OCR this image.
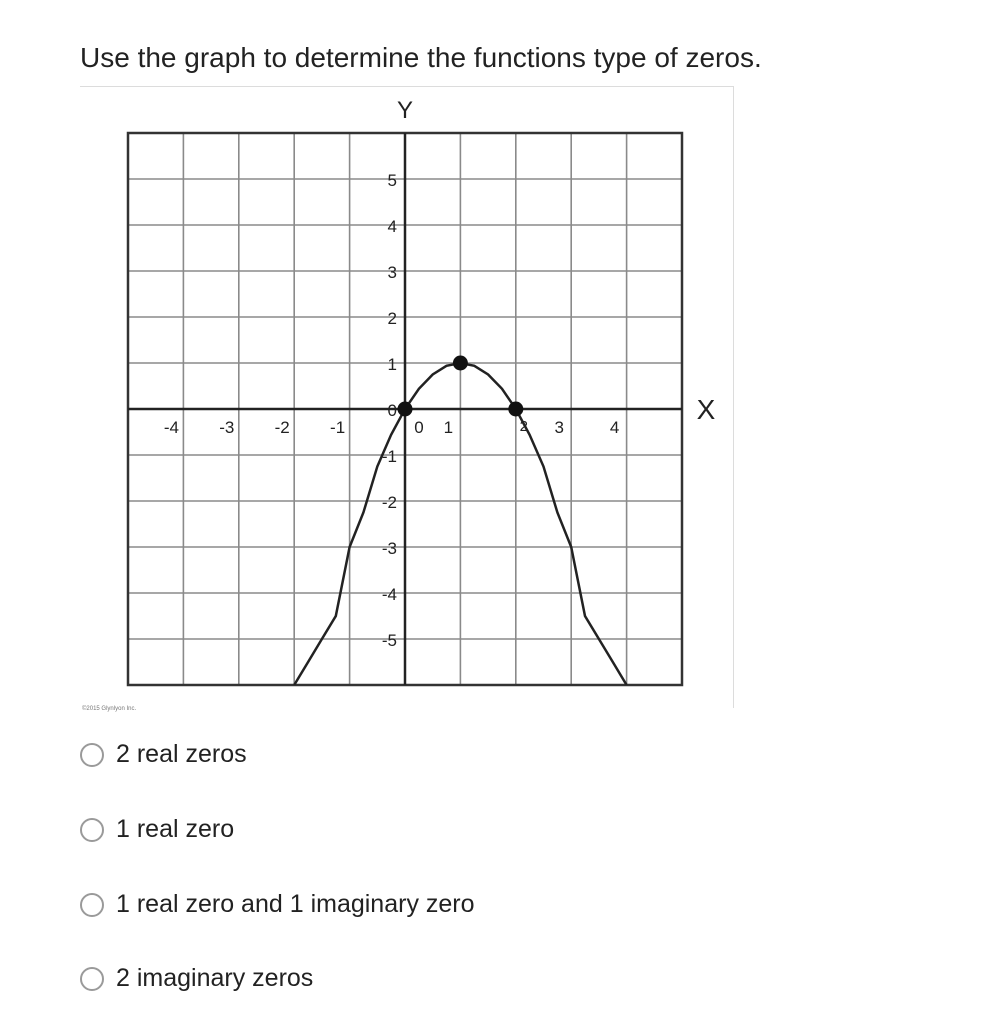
Use the graph to determine the functions type of zeros.
Y
X
-4 -3 -2 -1	0 1	3	4
2
5
4
3
2
1
0
-1
-2
-3
-4
-5
©2015 Glynlyon Inc.
2 real zeros
1 real zero
1 real zero and 1 imaginary zero
2 imaginary zeros
